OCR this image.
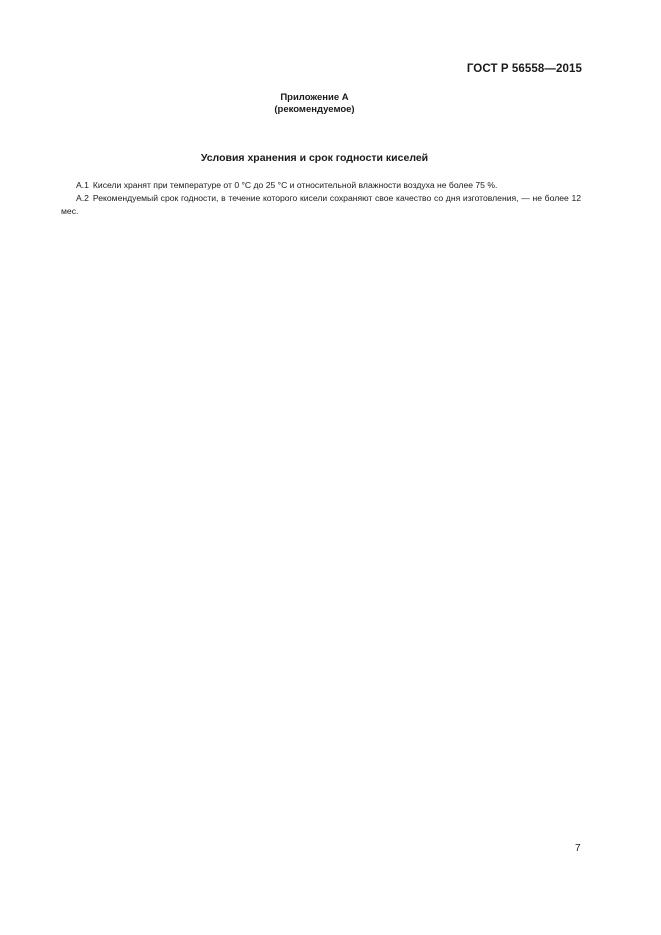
ГОСТ Р 56558—2015
Приложение А
(рекомендуемое)
Условия хранения и срок годности киселей

А.1 Кисели хранят при температуре от 0 °С до 25 °С и относительной влажности воздуха не более 75 %.

А.2 Рекомендуемый срок годности, в течение которого кисели сохраняют свое качество со дня изготовления, — не более 12 мес.

7
